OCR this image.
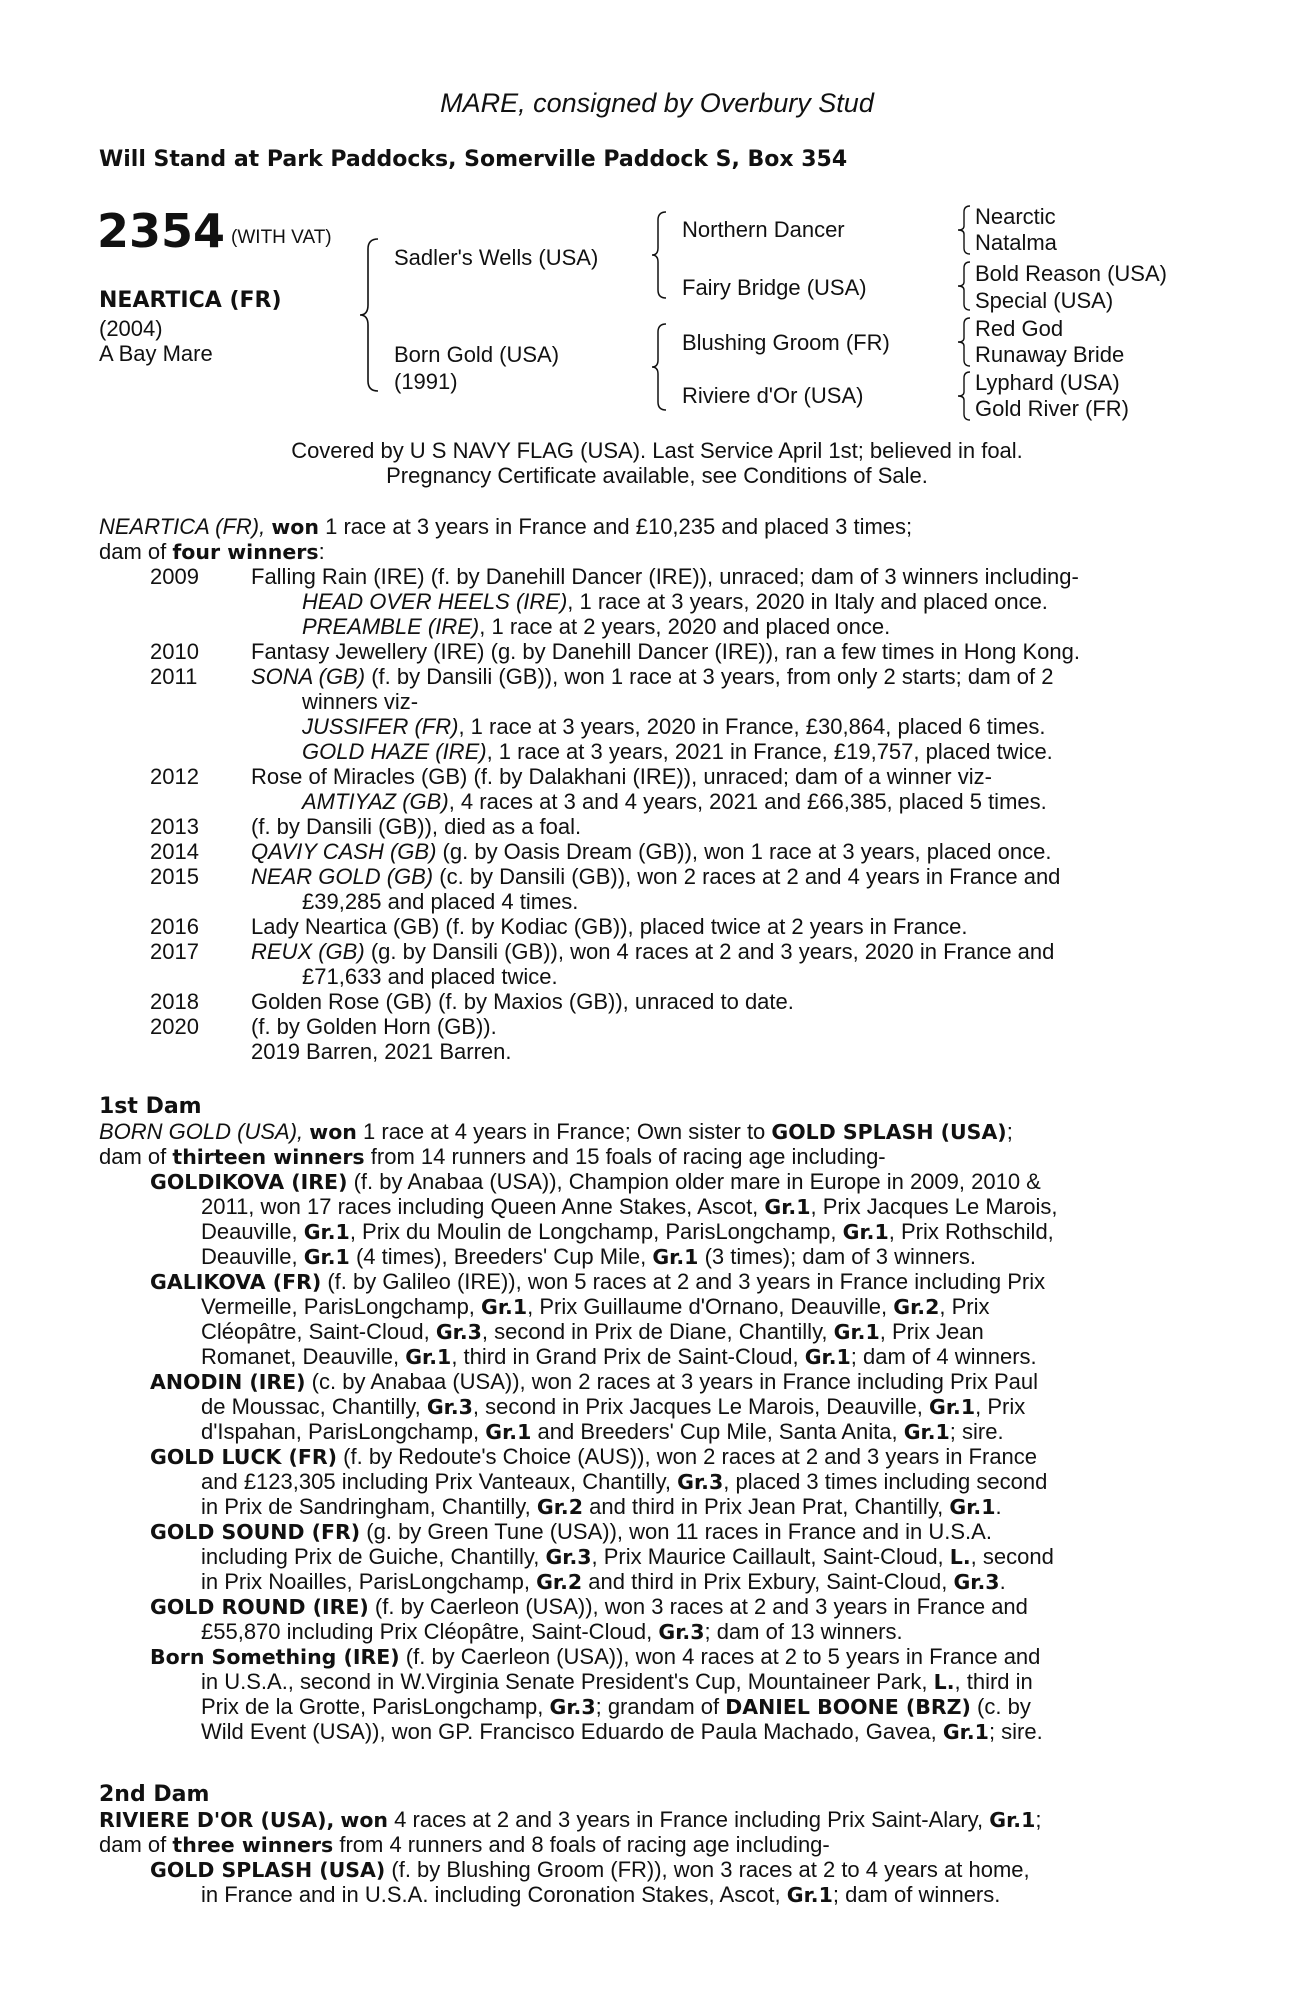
MARE, consigned by Overbury Stud
Will Stand at Park Paddocks, Somerville Paddock S, Box 354
2354 (WITH VAT)
NEARTICA (FR)
(2004)
A Bay Mare
Sadler's Wells (USA)
Born Gold (USA)
(1991)
Northern Dancer
Fairy Bridge (USA)
Blushing Groom (FR)
Riviere d'Or (USA)
Nearctic
Natalma
Bold Reason (USA)
Special (USA)
Red God
Runaway Bride
Lyphard (USA)
Gold River (FR)
Covered by U S NAVY FLAG (USA). Last Service April 1st; believed in foal.
Pregnancy Certificate available, see Conditions of Sale.
NEARTICA (FR), won 1 race at 3 years in France and £10,235 and placed 3 times;
dam of four winners:
2009 Falling Rain (IRE) (f. by Danehill Dancer (IRE)), unraced; dam of 3 winners including-
HEAD OVER HEELS (IRE), 1 race at 3 years, 2020 in Italy and placed once.
PREAMBLE (IRE), 1 race at 2 years, 2020 and placed once.
2010 Fantasy Jewellery (IRE) (g. by Danehill Dancer (IRE)), ran a few times in Hong Kong.
2011 SONA (GB) (f. by Dansili (GB)), won 1 race at 3 years, from only 2 starts; dam of 2
winners viz-
JUSSIFER (FR), 1 race at 3 years, 2020 in France, £30,864, placed 6 times.
GOLD HAZE (IRE), 1 race at 3 years, 2021 in France, £19,757, placed twice.
2012 Rose of Miracles (GB) (f. by Dalakhani (IRE)), unraced; dam of a winner viz-
AMTIYAZ (GB), 4 races at 3 and 4 years, 2021 and £66,385, placed 5 times.
2013 (f. by Dansili (GB)), died as a foal.
2014 QAVIY CASH (GB) (g. by Oasis Dream (GB)), won 1 race at 3 years, placed once.
2015 NEAR GOLD (GB) (c. by Dansili (GB)), won 2 races at 2 and 4 years in France and
£39,285 and placed 4 times.
2016 Lady Neartica (GB) (f. by Kodiac (GB)), placed twice at 2 years in France.
2017 REUX (GB) (g. by Dansili (GB)), won 4 races at 2 and 3 years, 2020 in France and
£71,633 and placed twice.
2018 Golden Rose (GB) (f. by Maxios (GB)), unraced to date.
2020 (f. by Golden Horn (GB)).
2019 Barren, 2021 Barren.
1st Dam
BORN GOLD (USA), won 1 race at 4 years in France; Own sister to GOLD SPLASH (USA);
dam of thirteen winners from 14 runners and 15 foals of racing age including-
GOLDIKOVA (IRE) (f. by Anabaa (USA)), Champion older mare in Europe in 2009, 2010 &
2011, won 17 races including Queen Anne Stakes, Ascot, Gr.1, Prix Jacques Le Marois,
Deauville, Gr.1, Prix du Moulin de Longchamp, ParisLongchamp, Gr.1, Prix Rothschild,
Deauville, Gr.1 (4 times), Breeders' Cup Mile, Gr.1 (3 times); dam of 3 winners.
GALIKOVA (FR) (f. by Galileo (IRE)), won 5 races at 2 and 3 years in France including Prix
Vermeille, ParisLongchamp, Gr.1, Prix Guillaume d'Ornano, Deauville, Gr.2, Prix
Cléopâtre, Saint-Cloud, Gr.3, second in Prix de Diane, Chantilly, Gr.1, Prix Jean
Romanet, Deauville, Gr.1, third in Grand Prix de Saint-Cloud, Gr.1; dam of 4 winners.
ANODIN (IRE) (c. by Anabaa (USA)), won 2 races at 3 years in France including Prix Paul
de Moussac, Chantilly, Gr.3, second in Prix Jacques Le Marois, Deauville, Gr.1, Prix
d'Ispahan, ParisLongchamp, Gr.1 and Breeders' Cup Mile, Santa Anita, Gr.1; sire.
GOLD LUCK (FR) (f. by Redoute's Choice (AUS)), won 2 races at 2 and 3 years in France
and £123,305 including Prix Vanteaux, Chantilly, Gr.3, placed 3 times including second
in Prix de Sandringham, Chantilly, Gr.2 and third in Prix Jean Prat, Chantilly, Gr.1.
GOLD SOUND (FR) (g. by Green Tune (USA)), won 11 races in France and in U.S.A.
including Prix de Guiche, Chantilly, Gr.3, Prix Maurice Caillault, Saint-Cloud, L., second
in Prix Noailles, ParisLongchamp, Gr.2 and third in Prix Exbury, Saint-Cloud, Gr.3.
GOLD ROUND (IRE) (f. by Caerleon (USA)), won 3 races at 2 and 3 years in France and
£55,870 including Prix Cléopâtre, Saint-Cloud, Gr.3; dam of 13 winners.
Born Something (IRE) (f. by Caerleon (USA)), won 4 races at 2 to 5 years in France and
in U.S.A., second in W.Virginia Senate President's Cup, Mountaineer Park, L., third in
Prix de la Grotte, ParisLongchamp, Gr.3; grandam of DANIEL BOONE (BRZ) (c. by
Wild Event (USA)), won GP. Francisco Eduardo de Paula Machado, Gavea, Gr.1; sire.
2nd Dam
RIVIERE D'OR (USA), won 4 races at 2 and 3 years in France including Prix Saint-Alary, Gr.1;
dam of three winners from 4 runners and 8 foals of racing age including-
GOLD SPLASH (USA) (f. by Blushing Groom (FR)), won 3 races at 2 to 4 years at home,
in France and in U.S.A. including Coronation Stakes, Ascot, Gr.1; dam of winners.
